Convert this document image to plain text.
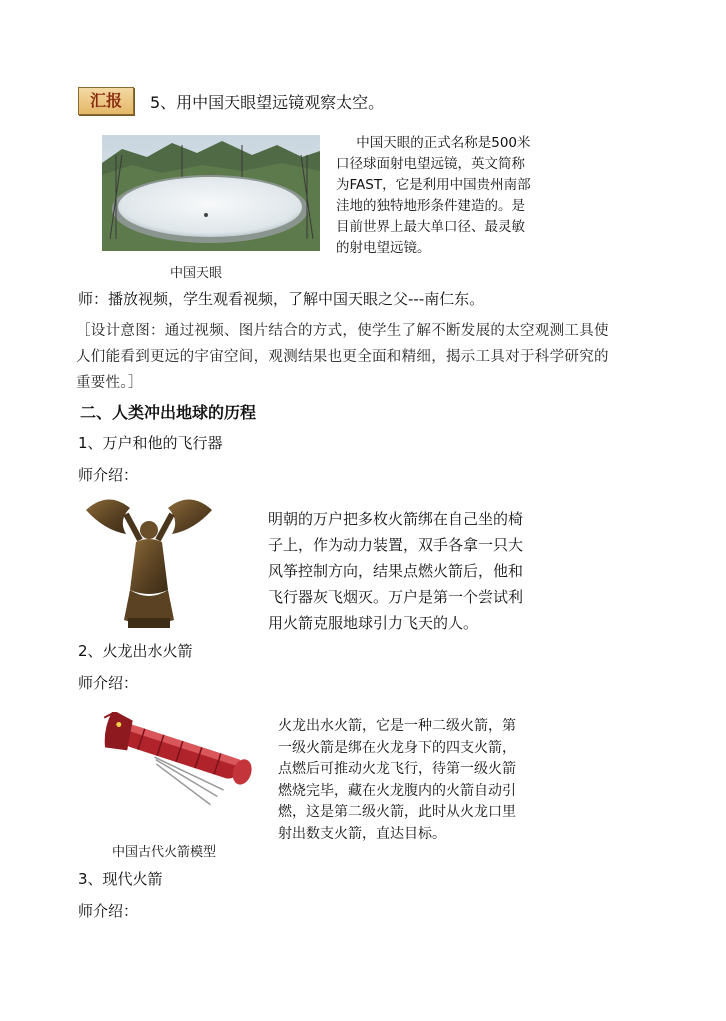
汇报	5、用中国天眼望远镜观察太空。
中国天眼的正式名称是500米
口径球面射电望远镜，英文简称
为FAST，它是利用中国贵州南部
洼地的独特地形条件建造的。是
目前世界上最大单口径、最灵敏
的射电望远镜。
中国天眼
师：播放视频，学生观看视频，了解中国天眼之父---南仁东。
［设计意图：通过视频、图片结合的方式，使学生了解不断发展的太空观测工具使
人们能看到更远的宇宙空间，观测结果也更全面和精细，揭示工具对于科学研究的
重要性。］
二、人类冲出地球的历程
1、万户和他的飞行器
师介绍：
明朝的万户把多枚火箭绑在自己坐的椅
子上，作为动力装置，双手各拿一只大
风筝控制方向，结果点燃火箭后，他和
飞行器灰飞烟灭。万户是第一个尝试利
用火箭克服地球引力飞天的人。
2、火龙出水火箭
师介绍：
火龙出水火箭，它是一种二级火箭，第
一级火箭是绑在火龙身下的四支火箭，
点燃后可推动火龙飞行，待第一级火箭
燃烧完毕，藏在火龙腹内的火箭自动引
燃，这是第二级火箭，此时从火龙口里
射出数支火箭，直达目标。
中国古代火箭模型
3、现代火箭
师介绍：
